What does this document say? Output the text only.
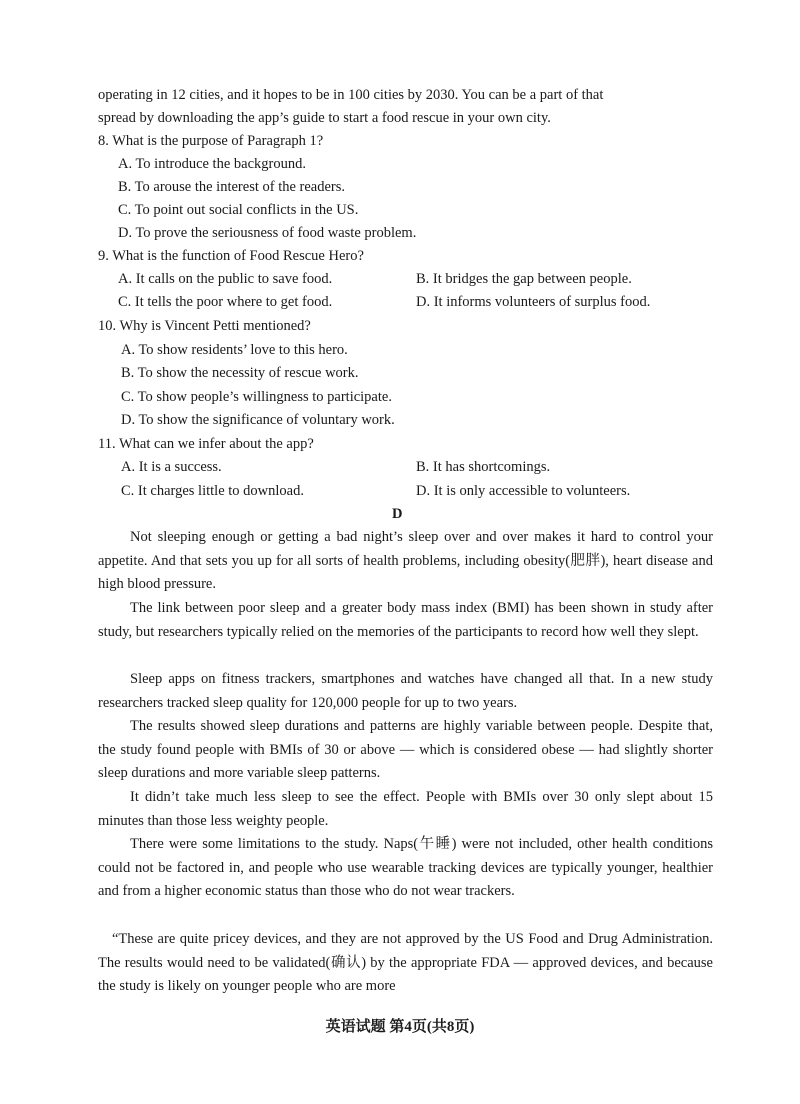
operating in 12 cities, and it hopes to be in 100 cities by 2030. You can be a part of that
spread by downloading the app’s guide to start a food rescue in your own city.
8. What is the purpose of Paragraph 1?
A. To introduce the background.
B. To arouse the interest of the readers.
C. To point out social conflicts in the US.
D. To prove the seriousness of food waste problem.
9. What is the function of Food Rescue Hero?
A. It calls on the public to save food.	B. It bridges the gap between people.
C. It tells the poor where to get food.	D. It informs volunteers of surplus food.
10. Why is Vincent Petti mentioned?
A. To show residents’ love to this hero.
B. To show the necessity of rescue work.
C. To show people’s willingness to participate.
D. To show the significance of voluntary work.
11. What can we infer about the app?
A. It is a success.	B. It has shortcomings.
C. It charges little to download.	D. It is only accessible to volunteers.
D
Not sleeping enough or getting a bad night’s sleep over and over makes it hard to control your appetite. And that sets you up for all sorts of health problems, including obesity(肥胖), heart disease and high blood pressure.
The link between poor sleep and a greater body mass index (BMI) has been shown in study after study, but researchers typically relied on the memories of the participants to record how well they slept.
Sleep apps on fitness trackers, smartphones and watches have changed all that. In a new study researchers tracked sleep quality for 120,000 people for up to two years.
The results showed sleep durations and patterns are highly variable between people. Despite that, the study found people with BMIs of 30 or above — which is considered obese — had slightly shorter sleep durations and more variable sleep patterns.
It didn’t take much less sleep to see the effect. People with BMIs over 30 only slept about 15 minutes than those less weighty people.
There were some limitations to the study. Naps(午睡) were not included, other health conditions could not be factored in, and people who use wearable tracking devices are typically younger, healthier and from a higher economic status than those who do not wear trackers.
“These are quite pricey devices, and they are not approved by the US Food and Drug Administration. The results would need to be validated(确认) by the appropriate FDA — approved devices, and because the study is likely on younger people who are more
英语试题 第4页(共8页)
